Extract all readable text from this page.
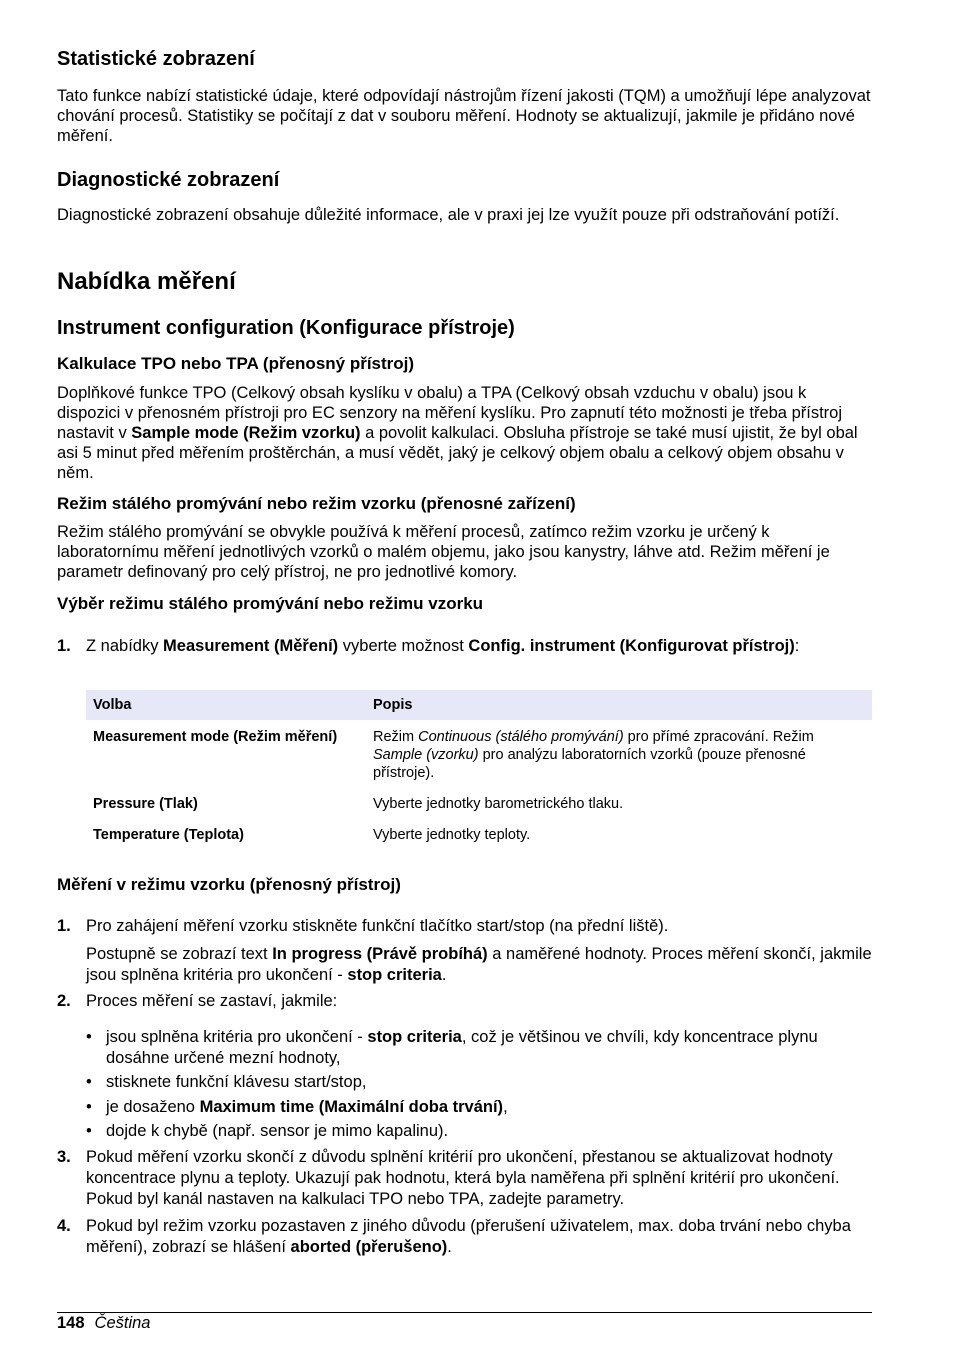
Statistické zobrazení

Tato funkce nabízí statistické údaje, které odpovídají nástrojům řízení jakosti (TQM) a umožňují lépe analyzovat chování procesů. Statistiky se počítají z dat v souboru měření. Hodnoty se aktualizují, jakmile je přidáno nové měření.

Diagnostické zobrazení

Diagnostické zobrazení obsahuje důležité informace, ale v praxi jej lze využít pouze při odstraňování potíží.

Nabídka měření
Instrument configuration (Konfigurace přístroje)
Kalkulace TPO nebo TPA (přenosný přístroj)

Doplňkové funkce TPO (Celkový obsah kyslíku v obalu) a TPA (Celkový obsah vzduchu v obalu) jsou k dispozici v přenosném přístroji pro EC senzory na měření kyslíku. Pro zapnutí této možnosti je třeba přístroj nastavit v Sample mode (Režim vzorku) a povolit kalkulaci. Obsluha přístroje se také musí ujistit, že byl obal asi 5 minut před měřením proštěrchán, a musí vědět, jaký je celkový objem obalu a celkový objem obsahu v něm.

Režim stálého promývání nebo režim vzorku (přenosné zařízení)

Režim stálého promývání se obvykle používá k měření procesů, zatímco režim vzorku je určený k laboratornímu měření jednotlivých vzorků o malém objemu, jako jsou kanystry, láhve atd. Režim měření je parametr definovaný pro celý přístroj, ne pro jednotlivé komory.

Výběr režimu stálého promývání nebo režimu vzorku
1. Z nabídky Measurement (Měření) vyberte možnost Config. instrument (Konfigurovat přístroj):
Volba	Popis
Measurement mode (Režim měření)	Režim Continuous (stálého promývání) pro přímé zpracování. Režim Sample (vzorku) pro analýzu laboratorních vzorků (pouze přenosné přístroje).
Pressure (Tlak)	Vyberte jednotky barometrického tlaku.
Temperature (Teplota)	Vyberte jednotky teploty.
Měření v režimu vzorku (přenosný přístroj)
1. Pro zahájení měření vzorku stiskněte funkční tlačítko start/stop (na přední liště).
Postupně se zobrazí text In progress (Právě probíhá) a naměřené hodnoty. Proces měření skončí, jakmile jsou splněna kritéria pro ukončení - stop criteria.
2. Proces měření se zastaví, jakmile:
• jsou splněna kritéria pro ukončení - stop criteria, což je většinou ve chvíli, kdy koncentrace plynu dosáhne určené mezní hodnoty,
• stisknete funkční klávesu start/stop,
• je dosaženo Maximum time (Maximální doba trvání),
• dojde k chybě (např. sensor je mimo kapalinu).
3. Pokud měření vzorku skončí z důvodu splnění kritérií pro ukončení, přestanou se aktualizovat hodnoty koncentrace plynu a teploty. Ukazují pak hodnotu, která byla naměřena při splnění kritérií pro ukončení. Pokud byl kanál nastaven na kalkulaci TPO nebo TPA, zadejte parametry.
4. Pokud byl režim vzorku pozastaven z jiného důvodu (přerušení uživatelem, max. doba trvání nebo chyba měření), zobrazí se hlášení aborted (přerušeno).
148 Čeština
